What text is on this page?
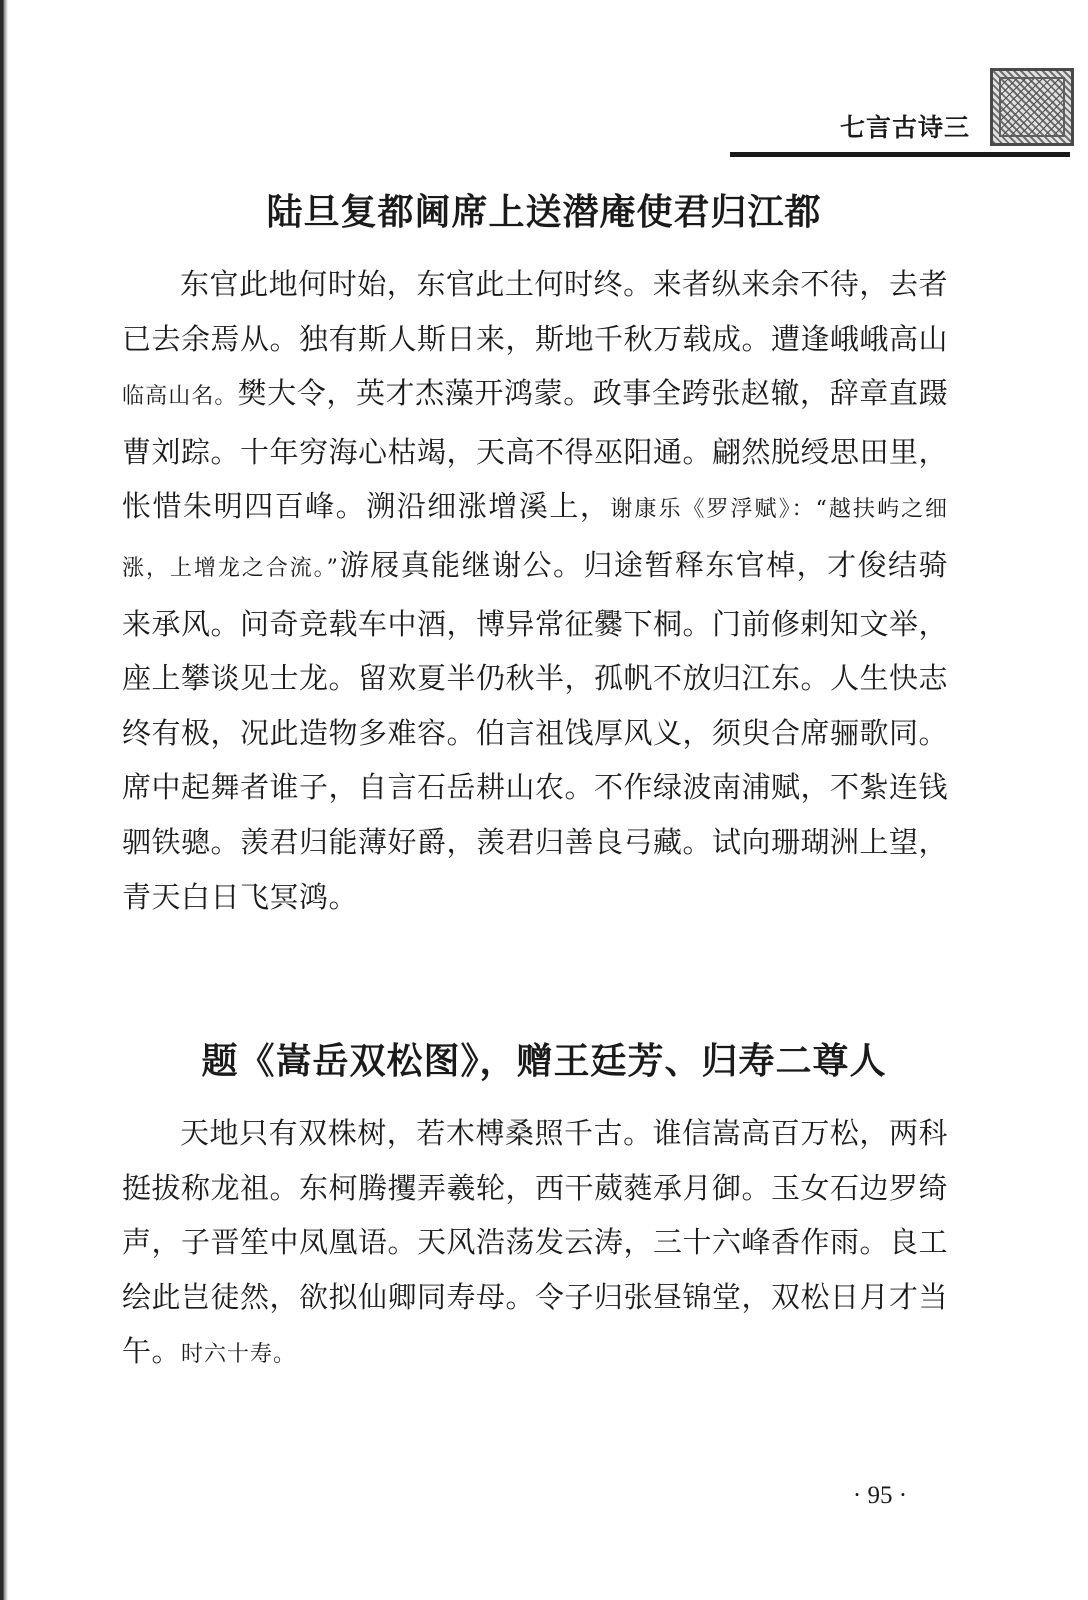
七言古诗三
陆旦复都阃席上送潜庵使君归江都

东官此地何时始，东官此土何时终。来者纵来余不待，去者已去余焉从。独有斯人斯日来，斯地千秋万载成。遭逢峨峨高山临高山名。樊大令，英才杰藻开鸿蒙。政事全跨张赵辙，辞章直蹑曹刘踪。十年穷海心枯竭，天高不得巫阳通。翩然脱绶思田里，怅惜朱明四百峰。溯沿细涨增溪上，谢康乐《罗浮赋》：“越扶屿之细涨，上增龙之合流。”游屐真能继谢公。归途暂释东官棹，才俊结骑来承风。问奇竞载车中酒，博异常征爨下桐。门前修剌知文举，座上攀谈见士龙。留欢夏半仍秋半，孤帆不放归江东。人生快志终有极，况此造物多难容。伯言祖饯厚风义，须臾合席骊歌同。席中起舞者谁子，自言石岳耕山农。不作绿波南浦赋，不紮连钱驷铁骢。羡君归能薄好爵，羡君归善良弓藏。试向珊瑚洲上望，青天白日飞冥鸿。

题《嵩岳双松图》，赠王廷芳、归寿二尊人

天地只有双株树，若木榑桑照千古。谁信嵩高百万松，两科挺拔称龙祖。东柯腾攫弄羲轮，西干葳蕤承月御。玉女石边罗绮声，子晋笙中凤凰语。天风浩荡发云涛，三十六峰香作雨。良工绘此岂徒然，欲拟仙卿同寿母。令子归张昼锦堂，双松日月才当午。时六十寿。

· 95 ·
